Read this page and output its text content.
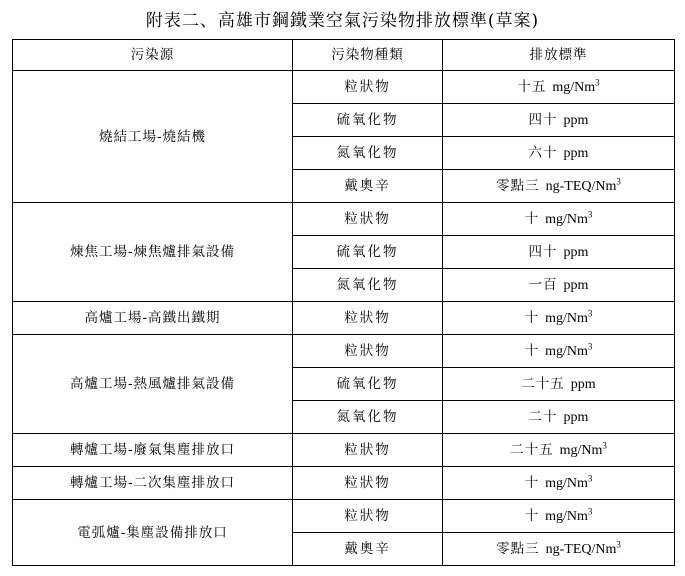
附表二、高雄市鋼鐵業空氣污染物排放標準(草案)
污染源	污染物種類	排放標準
燒結工場-燒結機	粒狀物	十五 mg/Nm$^3$
	硫氧化物	四十 ppm
	氮氧化物	六十 ppm
	戴奧辛	零點三 ng-TEQ/Nm$^3$
煉焦工場-煉焦爐排氣設備	粒狀物	十 mg/Nm$^3$
	硫氧化物	四十 ppm
	氮氧化物	一百 ppm
高爐工場-高鐵出鐵期	粒狀物	十 mg/Nm$^3$
高爐工場-熱風爐排氣設備	粒狀物	十 mg/Nm$^3$
	硫氧化物	二十五 ppm
	氮氧化物	二十 ppm
轉爐工場-廢氣集塵排放口	粒狀物	二十五 mg/Nm$^3$
轉爐工場-二次集塵排放口	粒狀物	十 mg/Nm$^3$
電弧爐-集塵設備排放口	粒狀物	十 mg/Nm$^3$
	戴奧辛	零點三 ng-TEQ/Nm$^3$
